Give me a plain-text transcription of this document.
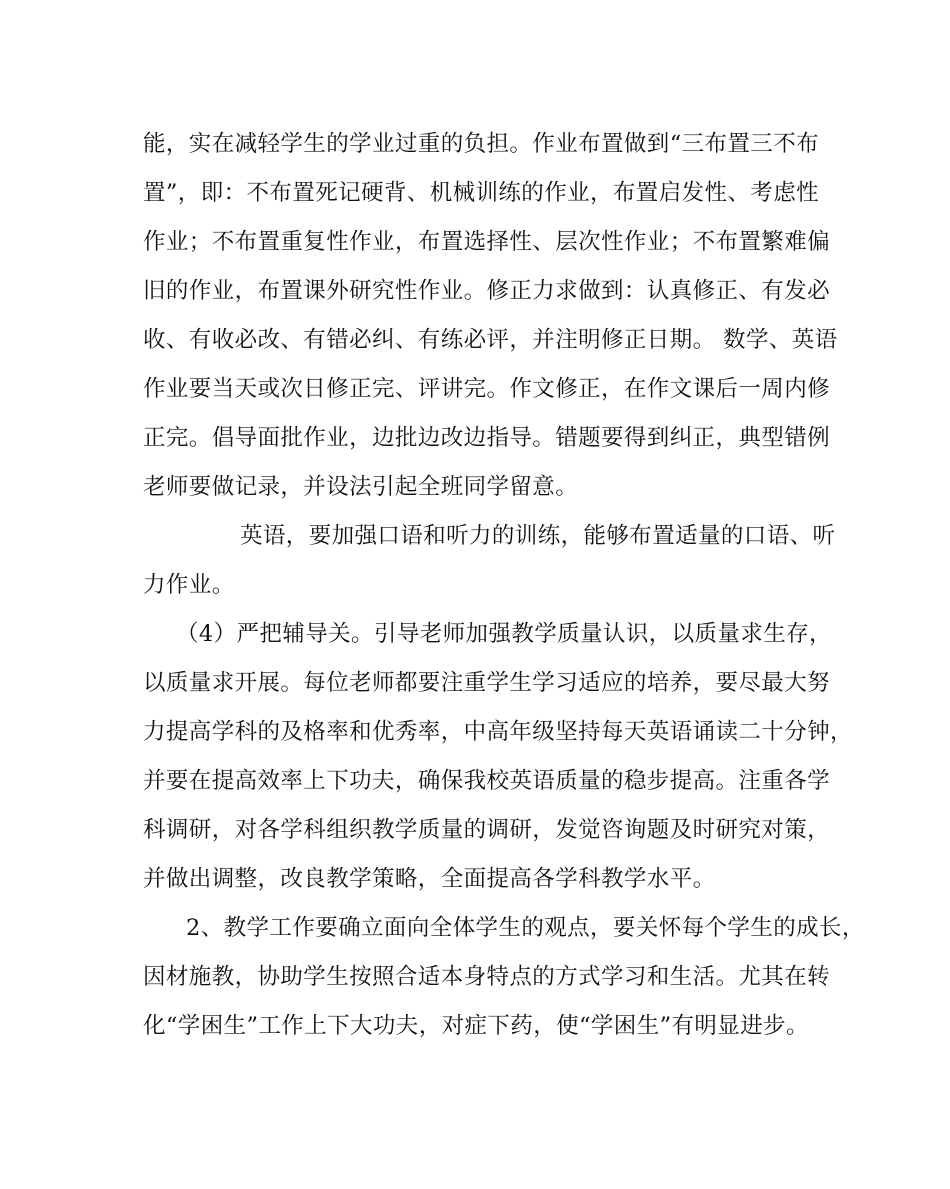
能，实在减轻学生的学业过重的负担。作业布置做到“三布置三不布
置”，即：不布置死记硬背、机械训练的作业，布置启发性、考虑性
作业；不布置重复性作业，布置选择性、层次性作业；不布置繁难偏
旧的作业，布置课外研究性作业。修正力求做到：认真修正、有发必
收、有收必改、有错必纠、有练必评，并注明修正日期。 数学、英语
作业要当天或次日修正完、评讲完。作文修正，在作文课后一周内修
正完。倡导面批作业，边批边改边指导。错题要得到纠正，典型错例
老师要做记录，并设法引起全班同学留意。
英语，要加强口语和听力的训练，能够布置适量的口语、听
力作业。
（4）严把辅导关。引导老师加强教学质量认识，以质量求生存，
以质量求开展。每位老师都要注重学生学习适应的培养，要尽最大努
力提高学科的及格率和优秀率，中高年级坚持每天英语诵读二十分钟，
并要在提高效率上下功夫，确保我校英语质量的稳步提高。注重各学
科调研，对各学科组织教学质量的调研，发觉咨询题及时研究对策，
并做出调整，改良教学策略，全面提高各学科教学水平。
2、教学工作要确立面向全体学生的观点，要关怀每个学生的成长，
因材施教，协助学生按照合适本身特点的方式学习和生活。尤其在转
化“学困生”工作上下大功夫，对症下药，使“学困生”有明显进步。
